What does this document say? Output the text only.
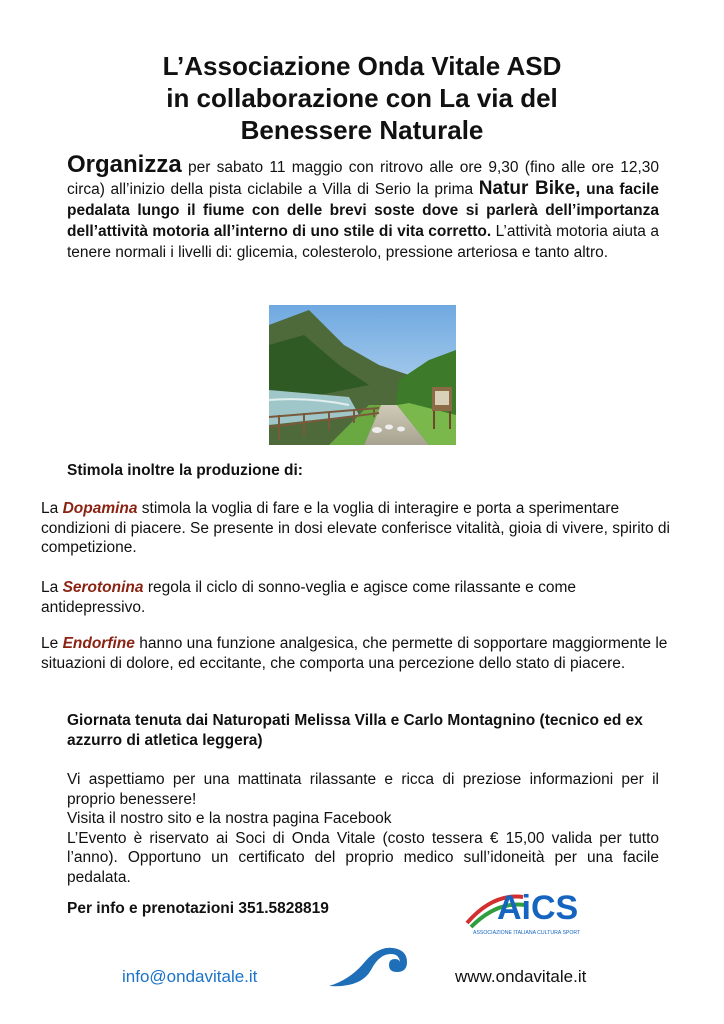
L’Associazione Onda Vitale ASD
in collaborazione con La via del
Benessere Naturale
Organizza per sabato 11 maggio con ritrovo alle ore 9,30 (fino alle ore 12,30 circa) all’inizio della pista ciclabile a Villa di Serio la prima Natur Bike, una facile pedalata lungo il fiume con delle brevi soste dove si parlerà dell’importanza dell’attività motoria all’interno di uno stile di vita corretto. L’attività motoria aiuta a tenere normali i livelli di: glicemia, colesterolo, pressione arteriosa e tanto altro.
Stimola inoltre la produzione di:
La Dopamina stimola la voglia di fare e la voglia di interagire e porta a sperimentare condizioni di piacere. Se presente in dosi elevate conferisce vitalità, gioia di vivere, spirito di competizione.
La Serotonina regola il ciclo di sonno-veglia e agisce come rilassante e come antidepressivo.
Le Endorfine hanno una funzione analgesica, che permette di sopportare maggiormente le situazioni di dolore, ed eccitante, che comporta una percezione dello stato di piacere.
Giornata tenuta dai Naturopati Melissa Villa e Carlo Montagnino (tecnico ed ex azzurro di atletica leggera)
Vi aspettiamo per una mattinata rilassante e ricca di preziose informazioni per il proprio benessere!
Visita il nostro sito e la nostra pagina Facebook
L’Evento è riservato ai Soci di Onda Vitale (costo tessera € 15,00 valida per tutto l’anno). Opportuno un certificato del proprio medico sull’idoneità per una facile pedalata.
Per info e prenotazioni 351.5828819	AiCS
ASSOCIAZIONE ITALIANA CULTURA SPORT
info@ondavitale.it	www.ondavitale.it
